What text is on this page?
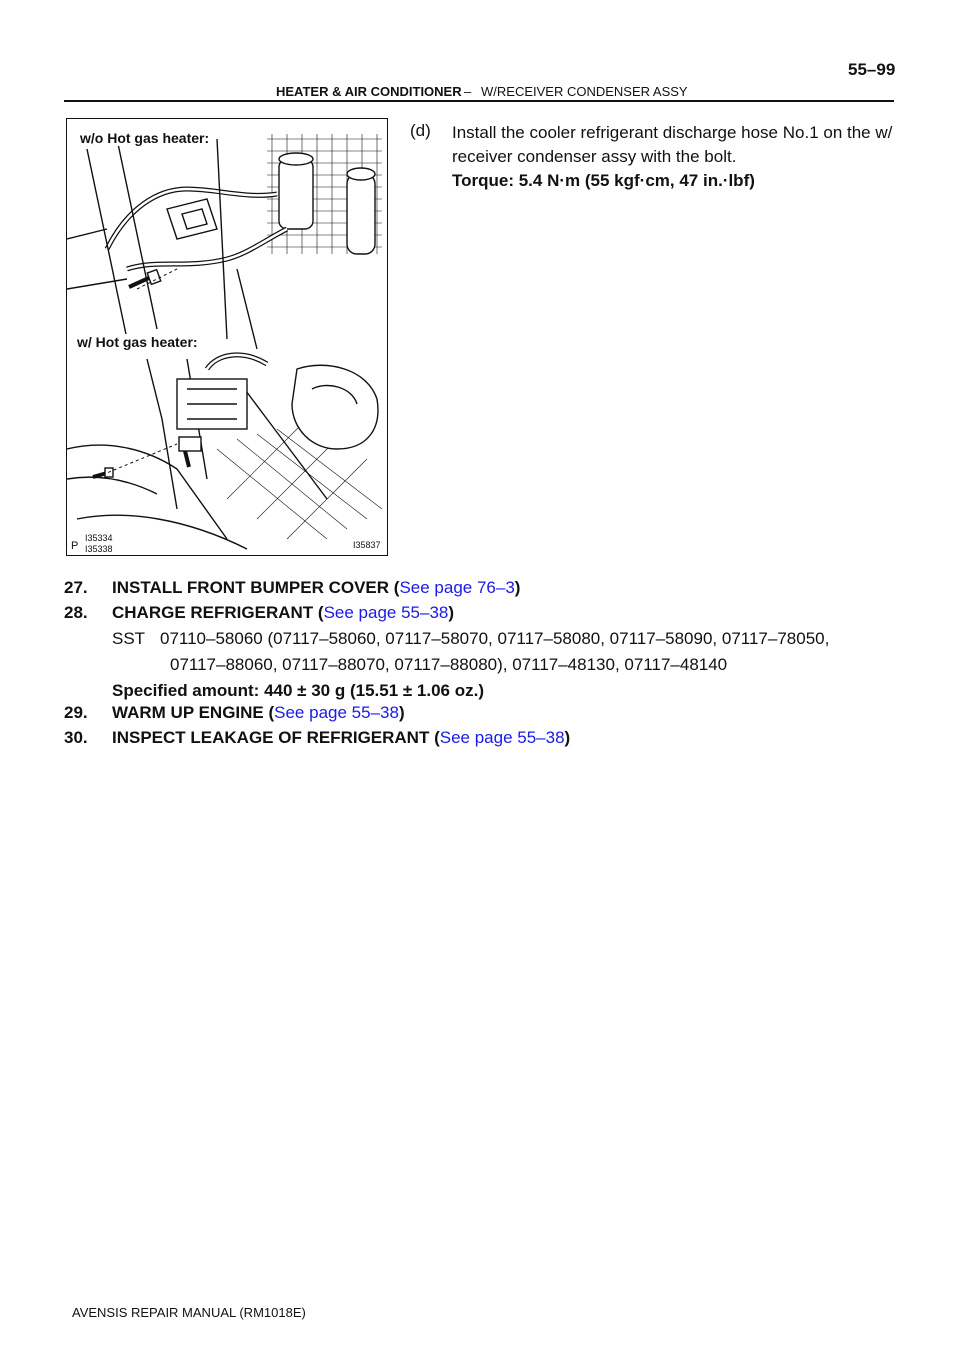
55–99
HEATER & AIR CONDITIONER – W/RECEIVER CONDENSER ASSY
w/o Hot gas heater:
w/ Hot gas heater:
P
I35334
I35338	I35837
(d) Install the cooler refrigerant discharge hose No.1 on the w/ receiver condenser assy with the bolt.
Torque: 5.4 N·m (55 kgf·cm, 47 in.·lbf)
27. INSTALL FRONT BUMPER COVER (See page 76–3)
28. CHARGE REFRIGERANT (See page 55–38)
SST 07110–58060 (07117–58060, 07117–58070, 07117–58080, 07117–58090, 07117–78050,
07117–88060, 07117–88070, 07117–88080), 07117–48130, 07117–48140
Specified amount: 440 ± 30 g (15.51 ± 1.06 oz.)
29. WARM UP ENGINE (See page 55–38)
30. INSPECT LEAKAGE OF REFRIGERANT (See page 55–38)
AVENSIS REPAIR MANUAL (RM1018E)
